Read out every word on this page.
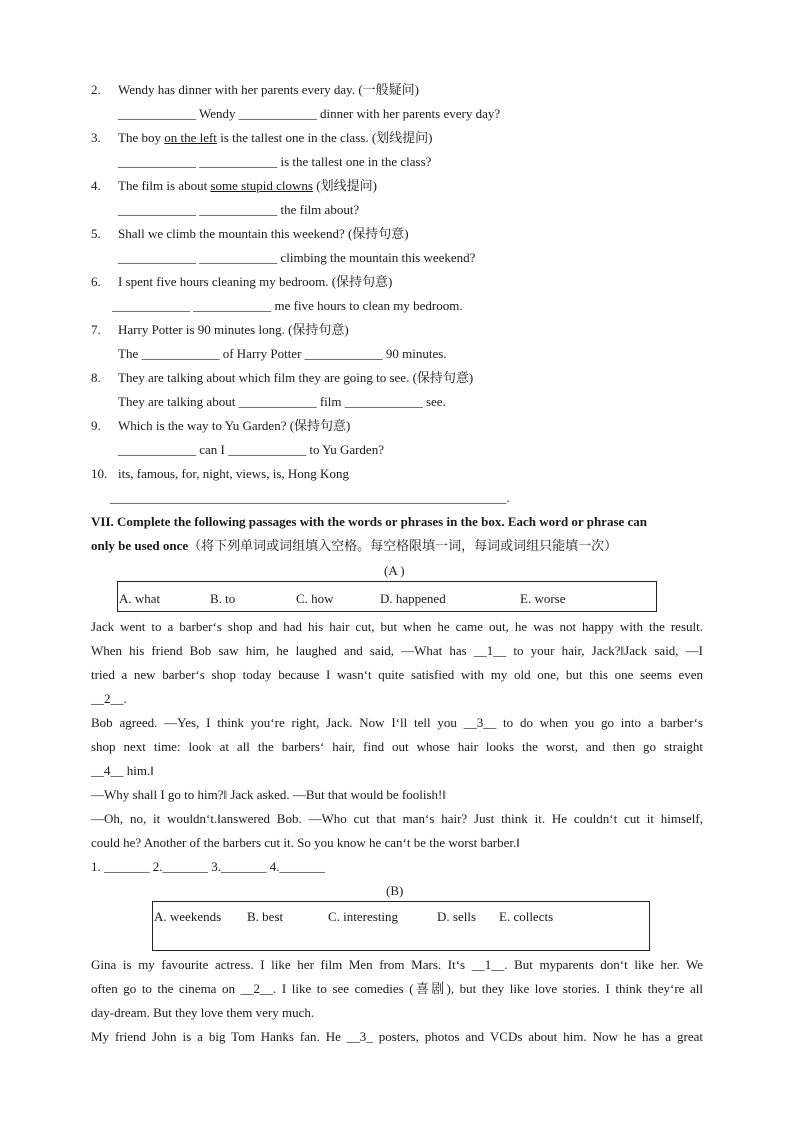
2. Wendy has dinner with her parents every day. (一般疑问)
____________ Wendy ____________ dinner with her parents every day?
3. The boy on the left is the tallest one in the class. (划线提问)
____________ ____________ is the tallest one in the class?
4. The film is about some stupid clowns (划线提问)
____________ ____________ the film about?
5. Shall we climb the mountain this weekend? (保持句意)
____________ ____________ climbing the mountain this weekend?
6. I spent five hours cleaning my bedroom. (保持句意)
____________ ____________ me five hours to clean my bedroom.
7. Harry Potter is 90 minutes long. (保持句意)
The ____________ of Harry Potter ____________ 90 minutes.
8. They are talking about which film they are going to see. (保持句意)
They are talking about ____________ film ____________ see.
9. Which is the way to Yu Garden? (保持句意)
____________ can I ____________ to Yu Garden?
10. its, famous, for, night, views, is, Hong Kong
_____________________________________________________________.
VII. Complete the following passages with the words or phrases in the box. Each word or phrase can
only be used once（将下列单词或词组填入空格。每空格限填一词，每词或词组只能填一次）
(A )
A. what	B. to	C. how	D. happened	E. worse
Jack went to a barber‘s shop and had his hair cut, but when he came out, he was not happy with the result.
When his friend Bob saw him, he laughed and said, ―What has __1__ to your hair, Jack?‖Jack said, ―I
tried a new barber‘s shop today because I wasn‘t quite satisfied with my old one, but this one seems even
__2__.
Bob agreed. ―Yes, I think you‘re right, Jack. Now I‘ll tell you __3__ to do when you go into a barber‘s
shop next time: look at all the barbers‘ hair, find out whose hair looks the worst, and then go straight
__4__ him.‖
―Why shall I go to him?‖ Jack asked. ―But that would be foolish!‖
―Oh, no, it wouldn‘t.‖answered Bob. ―Who cut that man‘s hair? Just think it. He couldn‘t cut it himself,
could he? Another of the barbers cut it. So you know he can‘t be the worst barber.‖
1. _______ 2._______ 3._______ 4._______
(B)
A. weekends B. best	C. interesting	D. sells E. collects
Gina is my favourite actress. I like her film Men from Mars. It‘s __1__. But myparents don‘t like her. We
often go to the cinema on __2__. I like to see comedies (喜剧), but they like love stories. I think they‘re all
day-dream. But they love them very much.
My friend John is a big Tom Hanks fan. He __3_ posters, photos and VCDs about him. Now he has a great
